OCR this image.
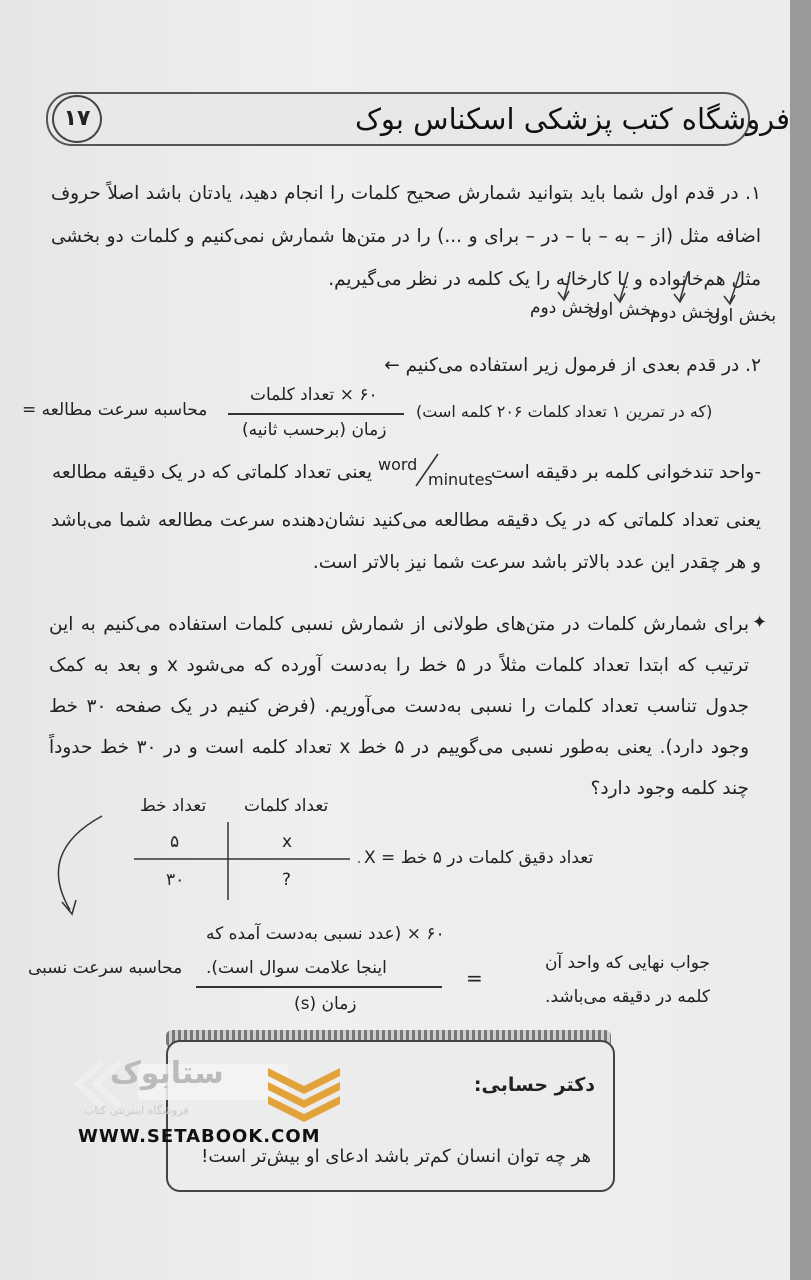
۱۷	فروشگاه کتب پزشکی اسکناس بوک
۱. در قدم اول شما باید بتوانید شمارش صحیح کلمات را انجام دهید، یادتان باشد اصلاً حروف اضافه مثل (از – به – با – در – برای و ...) را در متن‌ها شمارش نمی‌کنیم و کلمات دو بخشی مثل هم‌خانواده و یا کارخانه را یک کلمه در نظر می‌گیریم.
بخش اول
بخش دوم
بخش اول
بخش دوم
۲. در قدم بعدی از فرمول زیر استفاده می‌کنیم ←
۶۰ × تعداد کلمات
زمان (برحسب ثانیه)
محاسبه سرعت مطالعه =	(که در تمرین ۱ تعداد کلمات ۲۰۶ کلمه است)
-واحد تندخوانی کلمه بر دقیقه است
word
minutes
یعنی تعداد کلماتی که در یک دقیقه مطالعه
یعنی تعداد کلماتی که در یک دقیقه مطالعه می‌کنید نشان‌دهنده سرعت مطالعه شما می‌باشد و هر چقدر این عدد بالاتر باشد سرعت شما نیز بالاتر است.
✦
برای شمارش کلمات در متن‌های طولانی از شمارش نسبی کلمات استفاده می‌کنیم به این ترتیب که ابتدا تعداد کلمات مثلاً در ۵ خط را به‌دست آورده که می‌شود x و بعد به کمک جدول تناسب تعداد کلمات را نسبی به‌دست می‌آوریم. (فرض کنیم در یک صفحه ۳۰ خط وجود دارد). یعنی به‌طور نسبی می‌گوییم در ۵ خط x تعداد کلمه است و در ۳۰ خط حدوداً چند کلمه وجود دارد؟
تعداد خط تعداد کلمات
۵	x
۳۰	?
تعداد دقیق کلمات در ۵ خط = X
۶۰ × (عدد نسبی به‌دست آمده که
اینجا علامت سوال است).
زمان (s)
محاسبه سرعت نسبی	=
جواب نهایی که واحد آن کلمه در دقیقه می‌باشد.
دکتر حسابی:
هر چه توان انسان کم‌تر باشد ادعای او بیش‌تر است!
ستابوک
فروشگاه اینترنتی کتاب
WWW.SETABOOK.COM
